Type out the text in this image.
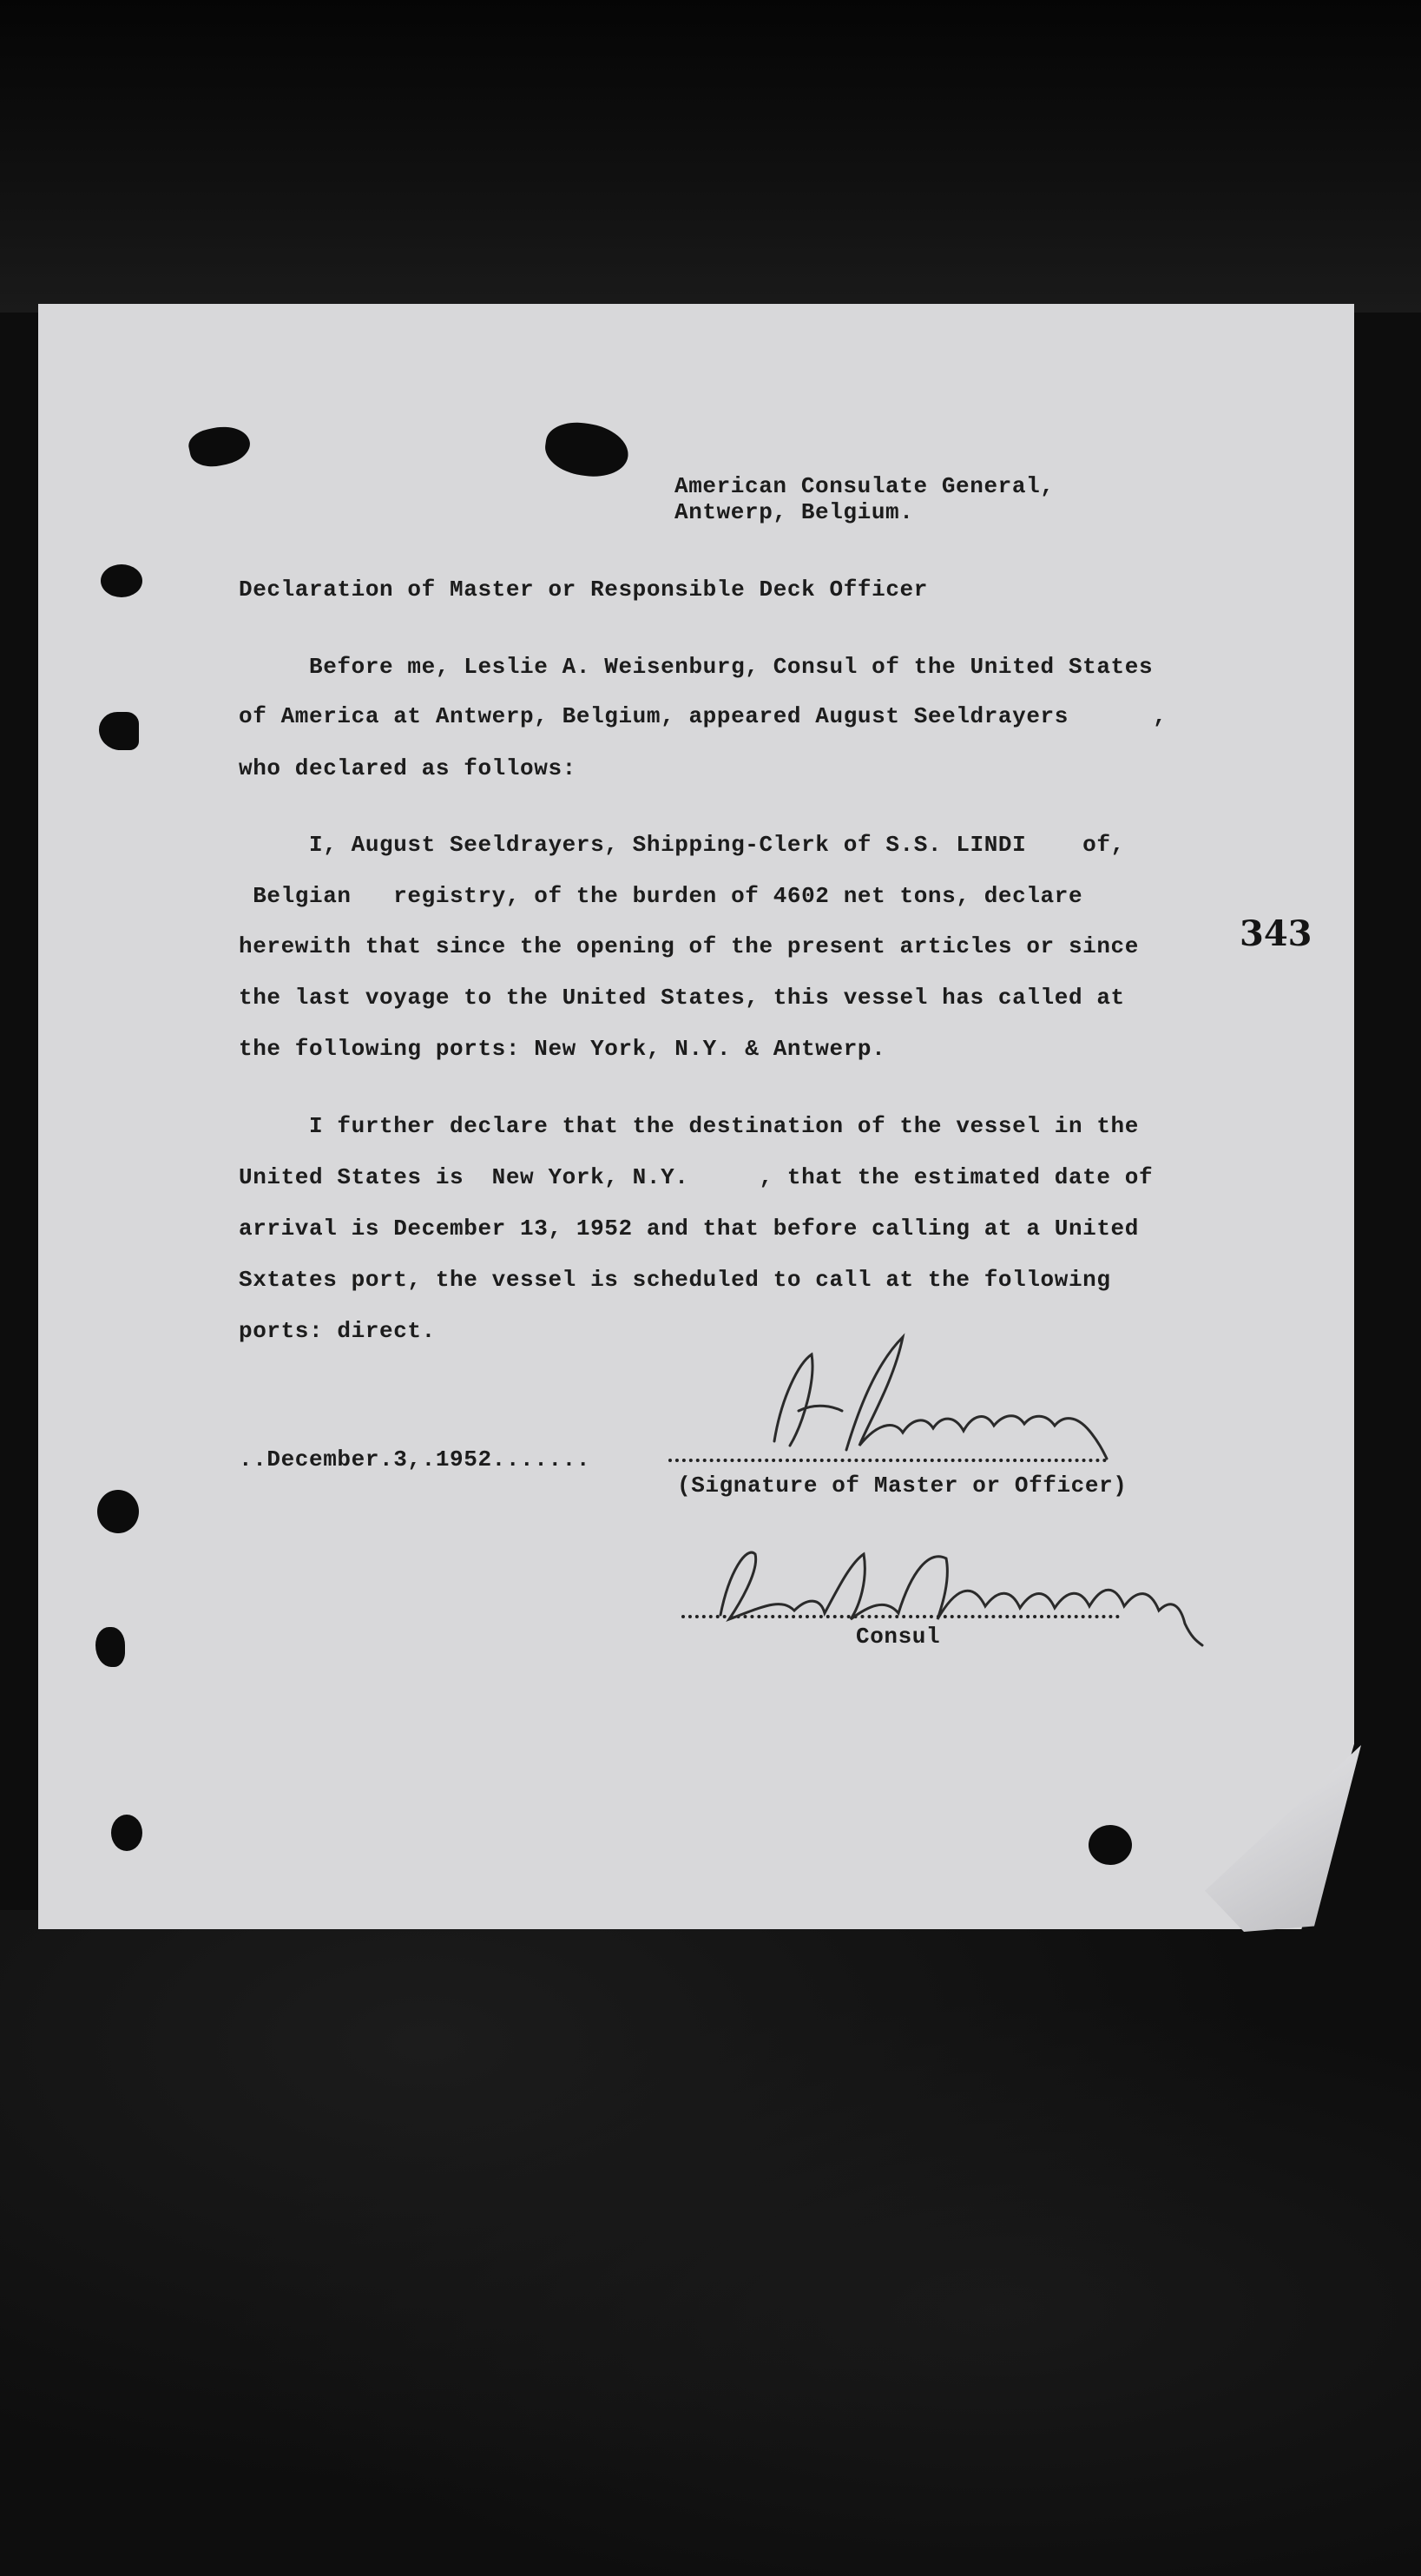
American Consulate General,

Antwerp, Belgium.

Declaration of Master or Responsible Deck Officer

Before me, Leslie A. Weisenburg, Consul of the United States

of America at Antwerp, Belgium, appeared August Seeldrayers      ,

who declared as follows:

I, August Seeldrayers, Shipping-Clerk of S.S. LINDI    of,

Belgian   registry, of the burden of 4602 net tons, declare

herewith that since the opening of the present articles or since

the last voyage to the United States, this vessel has called at

the following ports: New York, N.Y. & Antwerp.

I further declare that the destination of the vessel in the

United States is  New York, N.Y.     , that the estimated date of

arrival is December 13, 1952 and that before calling at a United

Sxtates port, the vessel is scheduled to call at the following

ports: direct.

343

..December.3,.1952.......

(Signature of Master or Officer)

Consul
